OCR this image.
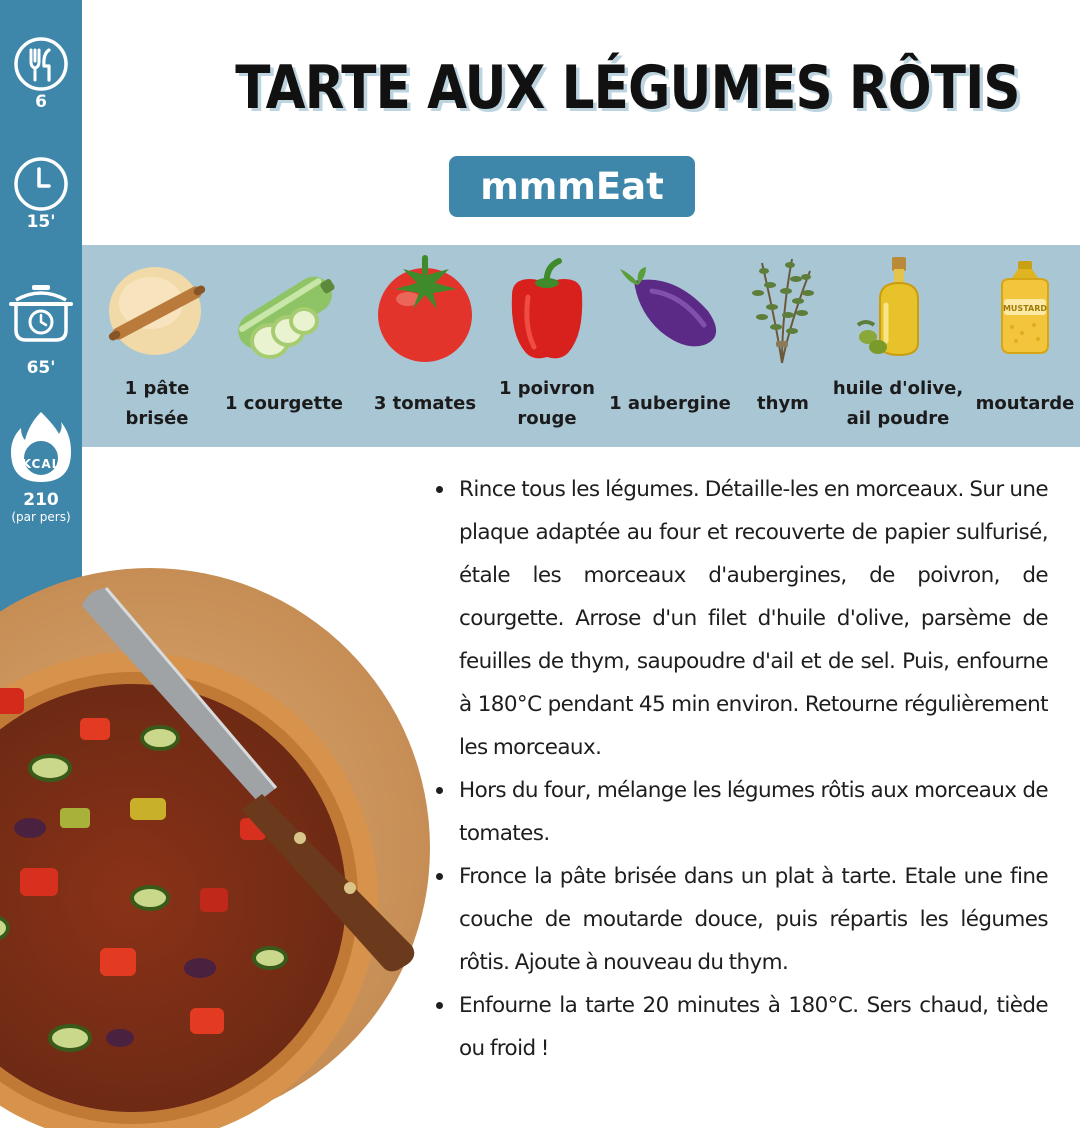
6
15'
65'
KCAL
210
(par pers)
TARTE AUX LÉGUMES RÔTIS
mmmEat
1 pâte
brisée
1 courgette	3 tomates
1 poivron
rouge
1 aubergine	thym
huile d'olive,
ail poudre
MUSTARD
moutarde
Rince tous les légumes. Détaille-les en morceaux. Sur une plaque adaptée au four et recouverte de papier sulfurisé, étale les morceaux d'aubergines, de poivron, de courgette. Arrose d'un filet d'huile d'olive, parsème de feuilles de thym, saupoudre d'ail et de sel. Puis, enfourne à 180°C pendant 45 min environ. Retourne régulièrement les morceaux.
Hors du four, mélange les légumes rôtis aux morceaux de tomates.
Fronce la pâte brisée dans un plat à tarte. Etale une fine couche de moutarde douce, puis répartis les légumes rôtis. Ajoute à nouveau du thym.
Enfourne la tarte 20 minutes à 180°C. Sers chaud, tiède ou froid !
